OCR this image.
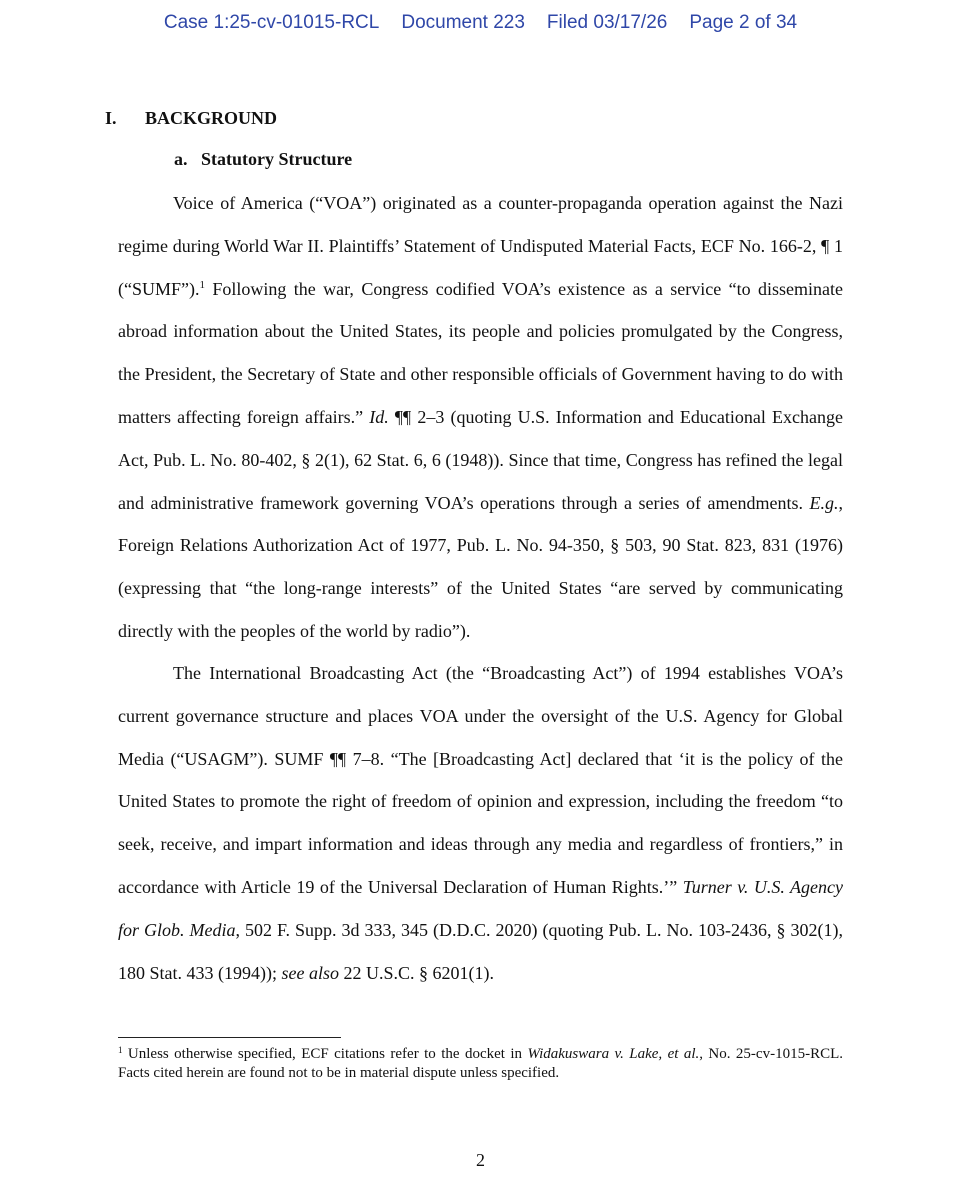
Case 1:25-cv-01015-RCL Document 223 Filed 03/17/26 Page 2 of 34
I. BACKGROUND
a. Statutory Structure
Voice of America (“VOA”) originated as a counter-propaganda operation against the Nazi regime during World War II. Plaintiffs’ Statement of Undisputed Material Facts, ECF No. 166-2, ¶ 1 (“SUMF”).$^1$ Following the war, Congress codified VOA’s existence as a service “to disseminate abroad information about the United States, its people and policies promulgated by the Congress, the President, the Secretary of State and other responsible officials of Government having to do with matters affecting foreign affairs.” Id. ¶¶ 2–3 (quoting U.S. Information and Educational Exchange Act, Pub. L. No. 80-402, § 2(1), 62 Stat. 6, 6 (1948)). Since that time, Congress has refined the legal and administrative framework governing VOA’s operations through a series of amendments. E.g., Foreign Relations Authorization Act of 1977, Pub. L. No. 94-350, § 503, 90 Stat. 823, 831 (1976) (expressing that “the long-range interests” of the United States “are served by communicating directly with the peoples of the world by radio”).
The International Broadcasting Act (the “Broadcasting Act”) of 1994 establishes VOA’s current governance structure and places VOA under the oversight of the U.S. Agency for Global Media (“USAGM”). SUMF ¶¶ 7–8. “The [Broadcasting Act] declared that ‘it is the policy of the United States to promote the right of freedom of opinion and expression, including the freedom “to seek, receive, and impart information and ideas through any media and regardless of frontiers,” in accordance with Article 19 of the Universal Declaration of Human Rights.’” Turner v. U.S. Agency for Glob. Media, 502 F. Supp. 3d 333, 345 (D.D.C. 2020) (quoting Pub. L. No. 103-2436, § 302(1), 180 Stat. 433 (1994)); see also 22 U.S.C. § 6201(1).
$^1$ Unless otherwise specified, ECF citations refer to the docket in Widakuswara v. Lake, et al., No. 25-cv-1015-RCL. Facts cited herein are found not to be in material dispute unless specified.
2
